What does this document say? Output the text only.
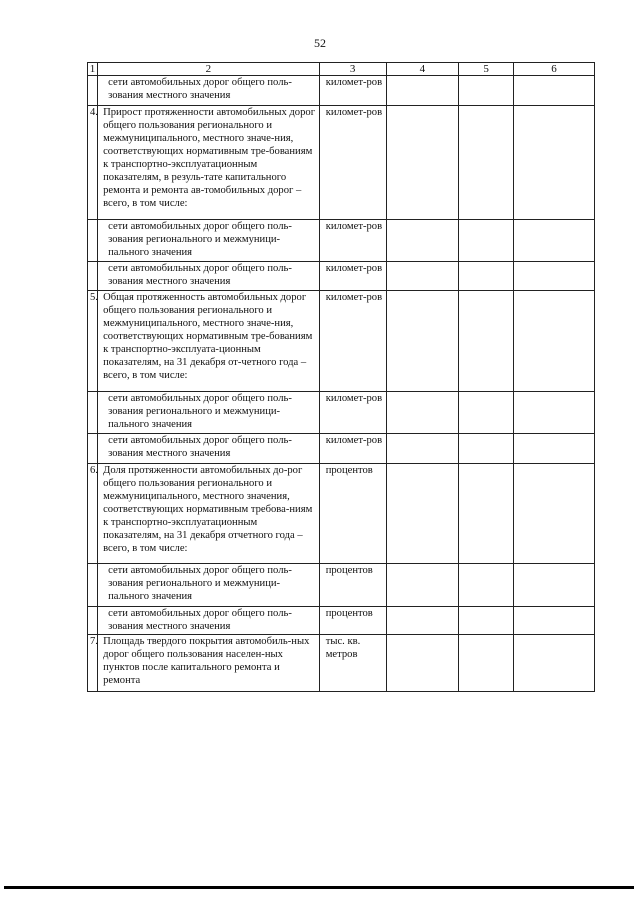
52
1	2	3	4	5	6
	сети автомобильных дорог общего поль-зования местного значения	километ-ров			
4.	Прирост протяженности автомобильных дорог общего пользования регионального и межмуниципального, местного значе-ния, соответствующих нормативным тре-бованиям к транспортно-эксплуатационным показателям, в резуль-тате капитального ремонта и ремонта ав-томобильных дорог – всего, в том числе:	километ-ров			
	сети автомобильных дорог общего поль-зования регионального и межмуници-пального значения	километ-ров			
	сети автомобильных дорог общего поль-зования местного значения	километ-ров			
5.	Общая протяженность автомобильных дорог общего пользования регионального и межмуниципального, местного значе-ния, соответствующих нормативным тре-бованиям к транспортно-эксплуата-ционным показателям, на 31 декабря от-четного года – всего, в том числе:	километ-ров			
	сети автомобильных дорог общего поль-зования регионального и межмуници-пального значения	километ-ров			
	сети автомобильных дорог общего поль-зования местного значения	километ-ров			
6.	Доля протяженности автомобильных до-рог общего пользования регионального и межмуниципального, местного значения, соответствующих нормативным требова-ниям к транспортно-эксплуатационным показателям, на 31 декабря отчетного года – всего, в том числе:	процентов			
	сети автомобильных дорог общего поль-зования регионального и межмуници-пального значения	процентов			
	сети автомобильных дорог общего поль-зования местного значения	процентов			
7.	Площадь твердого покрытия автомобиль-ных дорог общего пользования населен-ных пунктов после капитального ремонта и ремонта	тыс. кв. метров			
